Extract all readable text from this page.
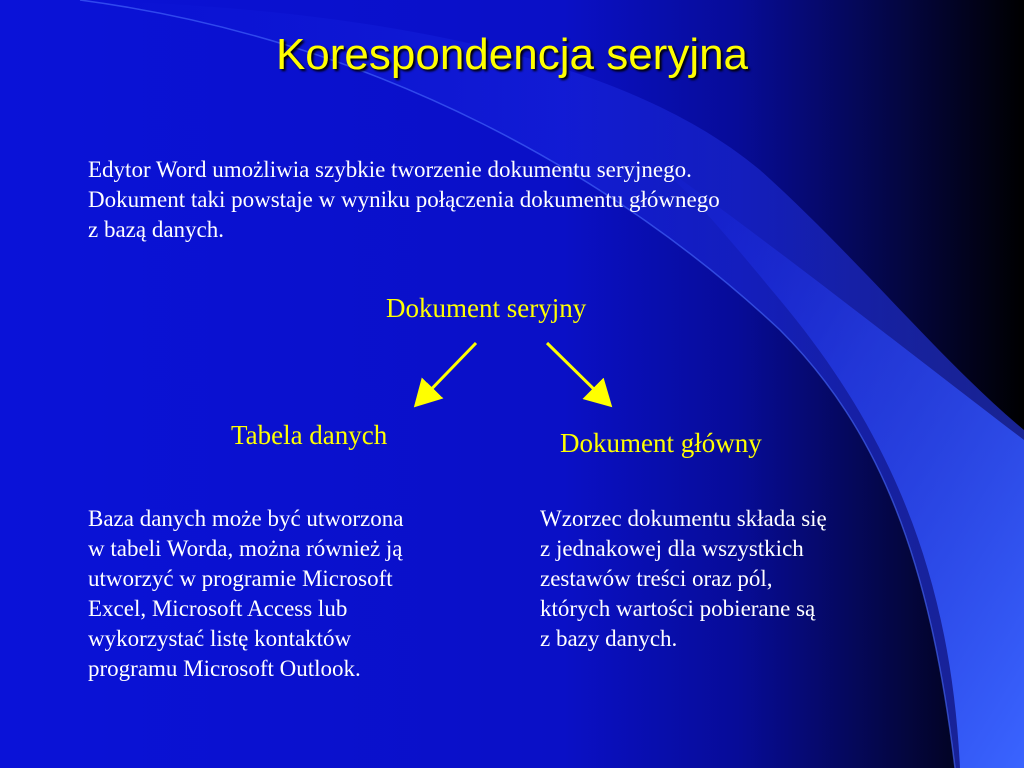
Korespondencja seryjna
Edytor Word umożliwia szybkie tworzenie dokumentu seryjnego.
Dokument taki powstaje w wyniku połączenia dokumentu głównego
z bazą danych.
Dokument seryjny
Tabela danych	Dokument główny
Baza danych może być utworzona
w tabeli Worda, można również ją
utworzyć w programie Microsoft
Excel, Microsoft Access lub
wykorzystać listę kontaktów
programu Microsoft Outlook.
Wzorzec dokumentu składa się
z jednakowej dla wszystkich
zestawów treści oraz pól,
których wartości pobierane są
z bazy danych.
